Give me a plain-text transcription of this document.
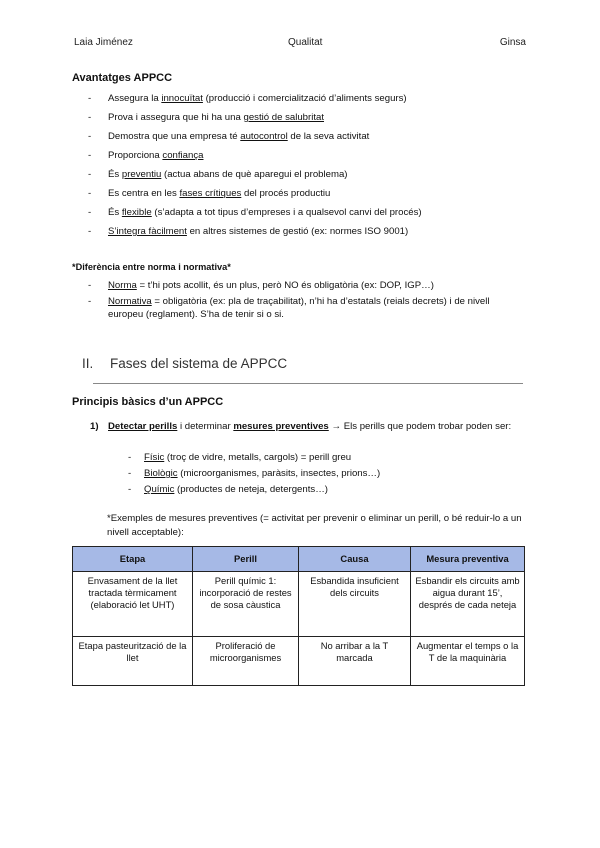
Laia Jiménez	Qualitat	Ginsa
Avantatges APPCC
- Assegura la innocuïtat (producció i comercialització d’aliments segurs)
- Prova i assegura que hi ha una gestió de salubritat
- Demostra que una empresa té autocontrol de la seva activitat
- Proporciona confiança
- És preventiu (actua abans de què aparegui el problema)
- Es centra en les fases crítiques del procés productiu
- És flexible (s’adapta a tot tipus d’empreses i a qualsevol canvi del procés)
- S’integra fàcilment en altres sistemes de gestió (ex: normes ISO 9001)
*Diferència entre norma i normativa*
- Norma = t’hi pots acollit, és un plus, però NO és obligatòria (ex: DOP, IGP…)
- Normativa = obligatòria (ex: pla de traçabilitat), n’hi ha d’estatals (reials decrets) i de nivell europeu (reglament). S’ha de tenir si o si.
II. Fases del sistema de APPCC
Principis bàsics d’un APPCC
1) Detectar perills i determinar mesures preventives → Els perills que podem trobar poden ser:
- Físic (troç de vidre, metalls, cargols) = perill greu
- Biològic (microorganismes, paràsits, insectes, prions…)
- Químic (productes de neteja, detergents…)
*Exemples de mesures preventives (= activitat per prevenir o eliminar un perill, o bé reduir-lo a un nivell acceptable):
Etapa	Perill	Causa	Mesura preventiva
Envasament de la llet tractada tèrmicament (elaboració let UHT)	Perill químic 1: incorporació de restes de sosa càustica	Esbandida insuficient dels circuits	Esbandir els circuits amb aigua durant 15’, després de cada neteja
Etapa pasteurització de la llet	Proliferació de microorganismes	No arribar a la T marcada	Augmentar el temps o la T de la maquinària
